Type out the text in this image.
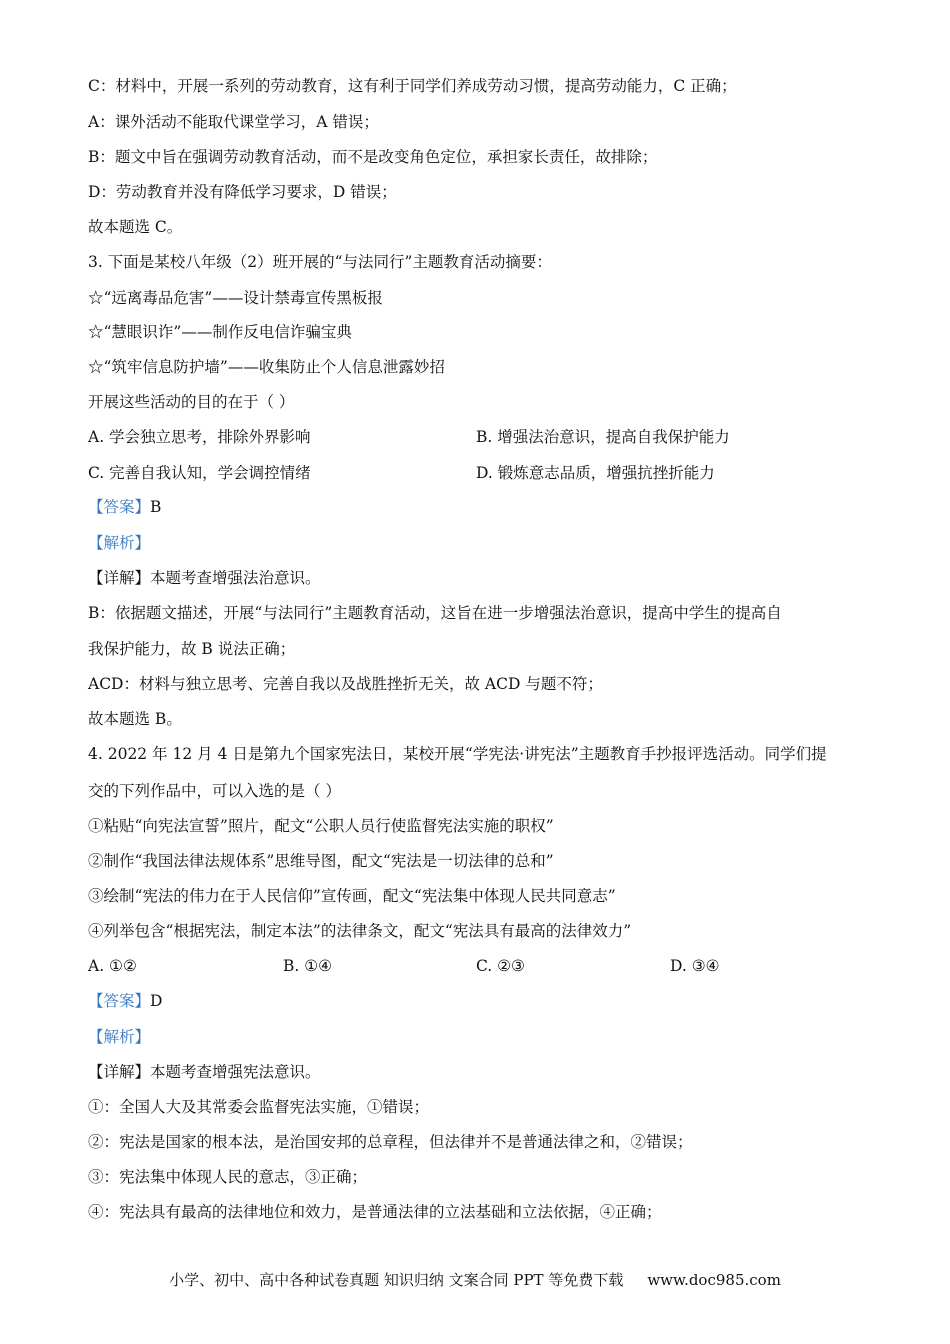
C：材料中，开展一系列的劳动教育，这有利于同学们养成劳动习惯，提高劳动能力，C 正确；
A：课外活动不能取代课堂学习，A 错误；
B：题文中旨在强调劳动教育活动，而不是改变角色定位，承担家长责任，故排除；
D：劳动教育并没有降低学习要求，D 错误；
故本题选 C。
3. 下面是某校八年级（2）班开展的“与法同行”主题教育活动摘要：
☆“远离毒品危害”——设计禁毒宣传黑板报
☆“慧眼识诈”——制作反电信诈骗宝典
☆“筑牢信息防护墙”——收集防止个人信息泄露妙招
开展这些活动的目的在于（ ）
A. 学会独立思考，排除外界影响	B. 增强法治意识，提高自我保护能力
C. 完善自我认知，学会调控情绪	D. 锻炼意志品质，增强抗挫折能力
【答案】B
【解析】
【详解】本题考查增强法治意识。
B：依据题文描述，开展“与法同行”主题教育活动，这旨在进一步增强法治意识，提高中学生的提高自
我保护能力，故 B 说法正确；
ACD：材料与独立思考、完善自我以及战胜挫折无关，故 ACD 与题不符；
故本题选 B。
4. 2022 年 12 月 4 日是第九个国家宪法日，某校开展“学宪法·讲宪法”主题教育手抄报评选活动。同学们提
交的下列作品中，可以入选的是（ ）
①粘贴“向宪法宣誓”照片，配文“公职人员行使监督宪法实施的职权”
②制作“我国法律法规体系”思维导图，配文“宪法是一切法律的总和”
③绘制“宪法的伟力在于人民信仰”宣传画，配文“宪法集中体现人民共同意志”
④列举包含“根据宪法，制定本法”的法律条文，配文“宪法具有最高的法律效力”
A. ①②	B. ①④	C. ②③	D. ③④
【答案】D
【解析】
【详解】本题考查增强宪法意识。
①：全国人大及其常委会监督宪法实施，①错误；
②：宪法是国家的根本法，是治国安邦的总章程，但法律并不是普通法律之和，②错误；
③：宪法集中体现人民的意志，③正确；
④：宪法具有最高的法律地位和效力，是普通法律的立法基础和立法依据，④正确；
小学、初中、高中各种试卷真题 知识归纳 文案合同 PPT 等免费下载 www.doc985.com
